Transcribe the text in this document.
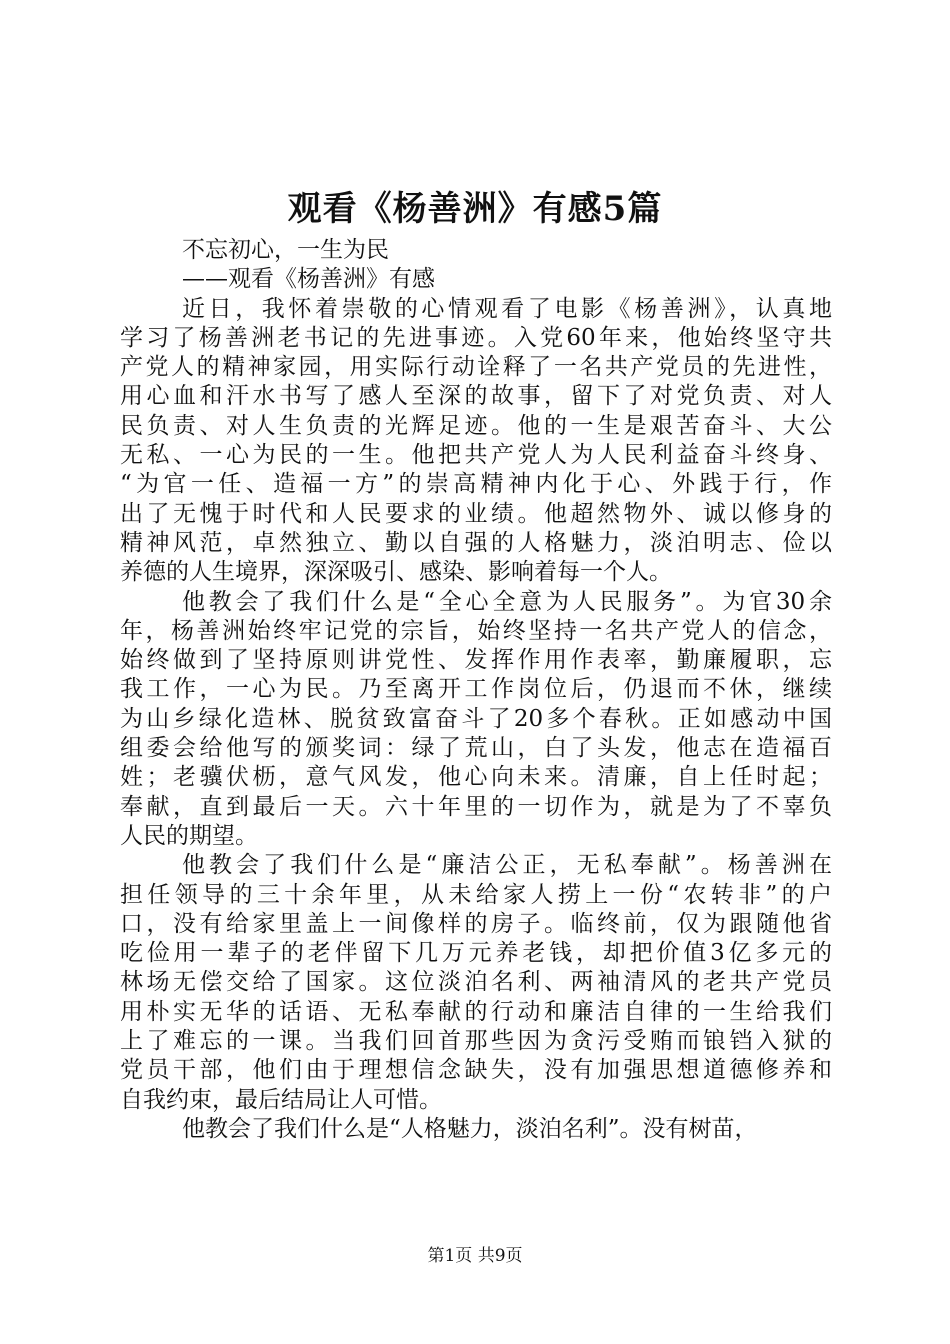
观看《杨善洲》有感5篇
不忘初心，一生为民
——观看《杨善洲》有感
近日，我怀着崇敬的心情观看了电影《杨善洲》，认真地
学习了杨善洲老书记的先进事迹。入党60年来，他始终坚守共
产党人的精神家园，用实际行动诠释了一名共产党员的先进性，
用心血和汗水书写了感人至深的故事，留下了对党负责、对人
民负责、对人生负责的光辉足迹。他的一生是艰苦奋斗、大公
无私、一心为民的一生。他把共产党人为人民利益奋斗终身、
“为官一任、造福一方”的崇高精神内化于心、外践于行，作
出了无愧于时代和人民要求的业绩。他超然物外、诚以修身的
精神风范，卓然独立、勤以自强的人格魅力，淡泊明志、俭以
养德的人生境界，深深吸引、感染、影响着每一个人。
他教会了我们什么是“全心全意为人民服务”。为官30余
年，杨善洲始终牢记党的宗旨，始终坚持一名共产党人的信念，
始终做到了坚持原则讲党性、发挥作用作表率，勤廉履职，忘
我工作，一心为民。乃至离开工作岗位后，仍退而不休，继续
为山乡绿化造林、脱贫致富奋斗了20多个春秋。正如感动中国
组委会给他写的颁奖词：绿了荒山，白了头发，他志在造福百
姓；老骥伏枥，意气风发，他心向未来。清廉，自上任时起；
奉献，直到最后一天。六十年里的一切作为，就是为了不辜负
人民的期望。
他教会了我们什么是“廉洁公正，无私奉献”。杨善洲在
担任领导的三十余年里，从未给家人捞上一份“农转非”的户
口，没有给家里盖上一间像样的房子。临终前，仅为跟随他省
吃俭用一辈子的老伴留下几万元养老钱，却把价值3亿多元的
林场无偿交给了国家。这位淡泊名利、两袖清风的老共产党员
用朴实无华的话语、无私奉献的行动和廉洁自律的一生给我们
上了难忘的一课。当我们回首那些因为贪污受贿而锒铛入狱的
党员干部，他们由于理想信念缺失，没有加强思想道德修养和
自我约束，最后结局让人可惜。
他教会了我们什么是“人格魅力，淡泊名利”。没有树苗，
第1页 共9页
